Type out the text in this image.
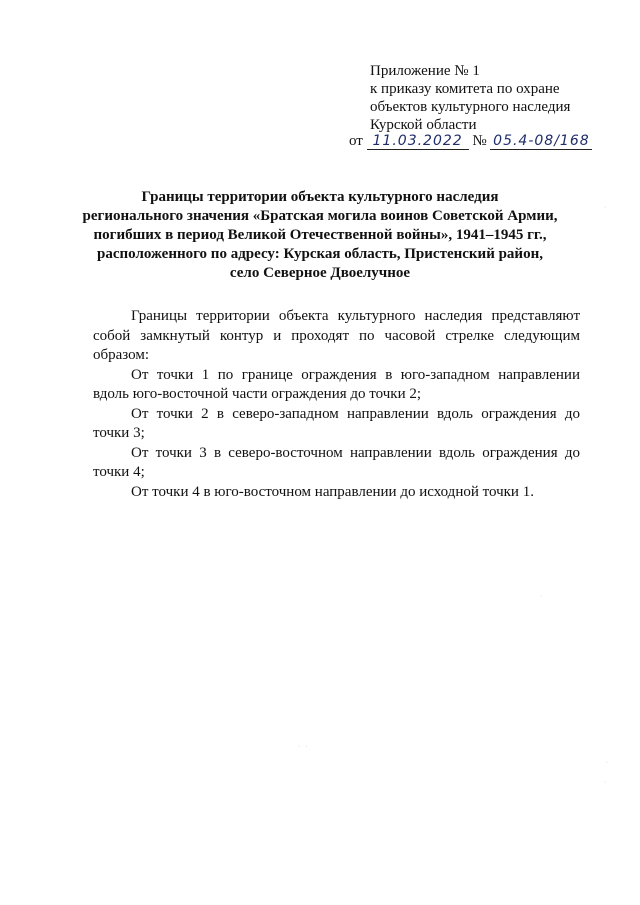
Приложение № 1
к приказу комитета по охране
объектов культурного наследия
Курской области
от 11.03.2022 № 05.4-08/168
Границы территории объекта культурного наследия
регионального значения «Братская могила воинов Советской Армии,
погибших в период Великой Отечественной войны», 1941–1945 гг.,
расположенного по адресу: Курская область, Пристенский район,
село Северное Двоелучное

Границы территории объекта культурного наследия представляют
собой замкнутый контур и проходят по часовой стрелке следующим
образом:

От точки 1 по границе ограждения в юго-западном направлении
вдоль юго-восточной части ограждения до точки 2;

От точки 2 в северо-западном направлении вдоль ограждения до
точки 3;

От точки 3 в северо-восточном направлении вдоль ограждения до
точки 4;

От точки 4 в юго-восточном направлении до исходной точки 1.

·
·
· ·
·
·
